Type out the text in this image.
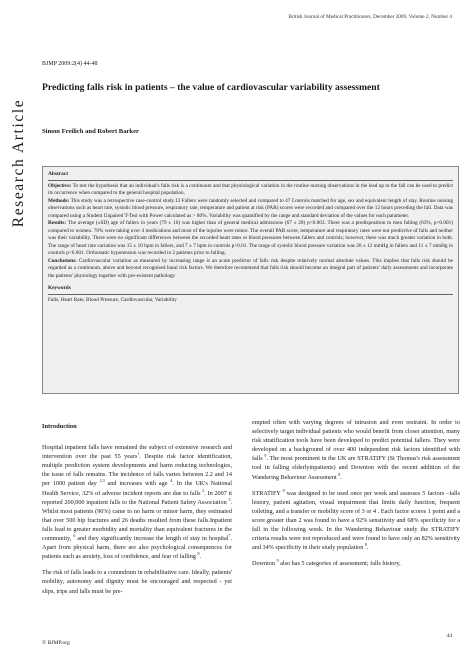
British Journal of Medical Practitioners, December 2009, Volume 2, Number 4
Research Article
BJMP 2009:2(4) 44-48
Predicting falls risk in patients – the value of cardiovascular variability assessment
Simon Freilich and Robert Barker
Abstract

Objective: To test the hypothesis that an individual's falls risk is a continuum and that physiological variation in the routine nursing observations in the lead up to the fall can be used to predict its occurrence when compared to the general hospital population.

Methods: This study was a retrospective case-control study.13 Fallers were randomly selected and compared to 47 Controls matched for age, sex and equivalent length of stay. Routine nursing observations such as heart rate, systolic blood pressure, respiratory rate, temperature and patient at risk (PAR) scores were recorded and compared over the 12 hours preceding the fall. Data was compared using a Student Unpaired T-Test with Power calculated as > 80%. Variability was quantified by the range and standard deviation of the values for each parameter.

Results: The average (±SD) age of fallers in years (79 ± 16) was higher than of general medical admissions (67 ± 20) p<0.003. There was a predisposition to men falling (63%, p<0.001) compared to women. 70% were taking over 4 medications and most of the injuries were minor. The overall PAR score, temperature and respiratory rates were not predictive of falls and neither was their variability. There were no significant differences between the recorded heart rates or blood pressures between fallers and controls; however, there was much greater variation in both. The range of heart rate variation was 15 ± 10 bpm in fallers, and 7 ± 7 bpm in controls p<0.01. The range of systolic blood pressure variation was 26 ± 12 mmHg in fallers and 11 ± 7 mmHg in controls p<0.001. Orthostatic hypotension was recorded in 2 patients prior to falling.

Conclusions: Cardiovascular variation as measured by increasing range is an acute predictor of falls risk despite relatively normal absolute values. This implies that falls risk should be regarded as a continuum, above and beyond recognised basal risk factors. We therefore recommend that falls risk should become an integral part of patients' daily assessments and incorporate the patients' physiology together with pre-existent pathology

Keywords

Falls, Heart Rate, Blood Pressure, Cardiovascular, Variability

Introduction

Hospital inpatient falls have remained the subject of extensive research and intervention over the past 55 years$^1$. Despite risk factor identification, multiple prediction system developments and harm reducing technologies, the issue of falls remains. The incidence of falls varies between 2.2 and 14 per 1000 patient day $^{2,3}$ and increases with age $^4$. In the UK's National Health Service, 32% of adverse incident reports are due to falls $^2$. In 2007 it reported 200,000 inpatient falls to the National Patient Safety Association $^5$. Whilst most patients (96%) came to no harm or minor harm, they estimated that over 500 hip fractures and 26 deaths resulted from these falls.Inpatient falls lead to greater morbidity and mortality than equivalent fractures in the community, $^6$ and they significantly increase the length of stay in hospital$^7$. Apart from physical harm, there are also psychological consequences for patients such as anxiety, loss of confidence, and fear of falling $^8$.

The risk of falls leads to a conundrum in rehabilitative care. Ideally, patients' mobility, autonomy and dignity must be encouraged and respected - yet slips, trips and falls must be pre-

empted often with varying degrees of intrusion and even restraint. In order to selectively target individual patients who would benefit from closer attention, many risk stratification tools have been developed to predict potential fallers. They were developed on a background of over 400 independent risk factors identified with falls $^9$. The most prominent in the UK are STRATIFY (St Thomas's risk assessment tool in falling elderlyinpatients) and Downton with the recent addition of the Wandering Behaviour Assessment $^8$.

STRATIFY $^9$ was designed to be used once per week and assesses 5 factors –falls history, patient agitation, visual impairment that limits daily function, frequent toileting, and a transfer or mobility score of 3 or 4 . Each factor scores 1 point and a score greater than 2 was found to have a 92% sensitivity and 68% specificity for a fall in the following week. In the Wandering Behaviour study the STRATIFY criteria results were not reproduced and were found to have only an 82% sensitivity and 34% specificity in their study population $^8$.

Downton $^9$ also has 5 categories of assessment; falls history,

© BJMP.org
44
